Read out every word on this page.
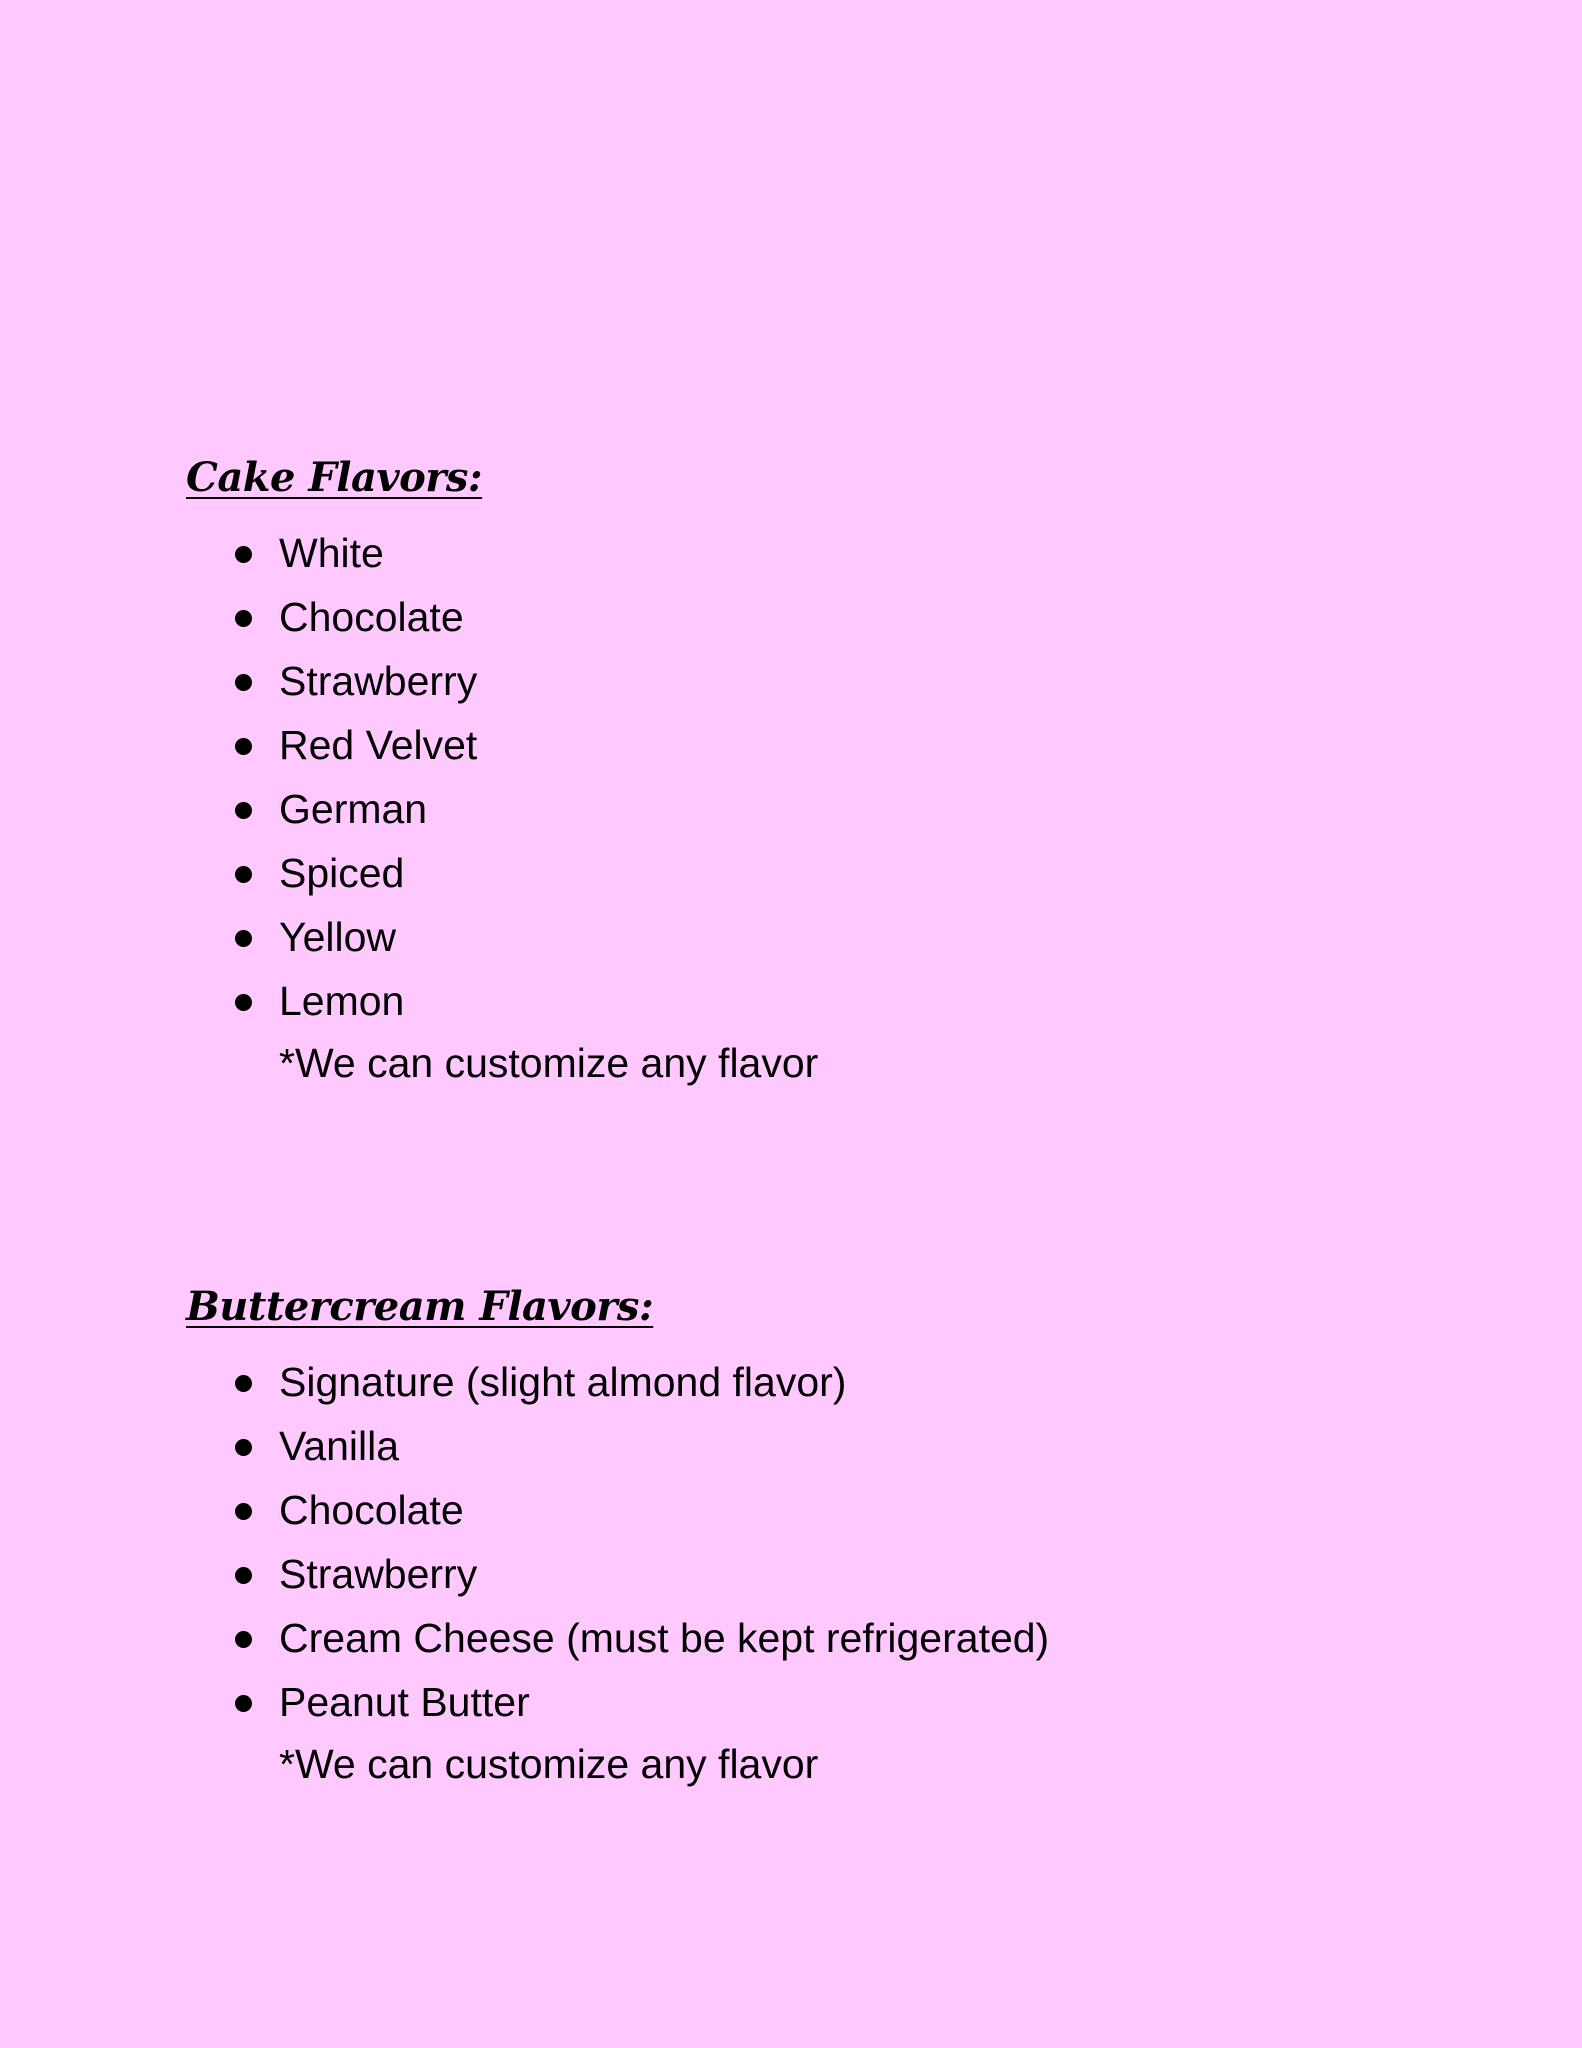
Cake Flavors:
White
Chocolate
Strawberry
Red Velvet
German
Spiced
Yellow
Lemon
*We can customize any flavor
Buttercream Flavors:
Signature (slight almond flavor)
Vanilla
Chocolate
Strawberry
Cream Cheese (must be kept refrigerated)
Peanut Butter
*We can customize any flavor
